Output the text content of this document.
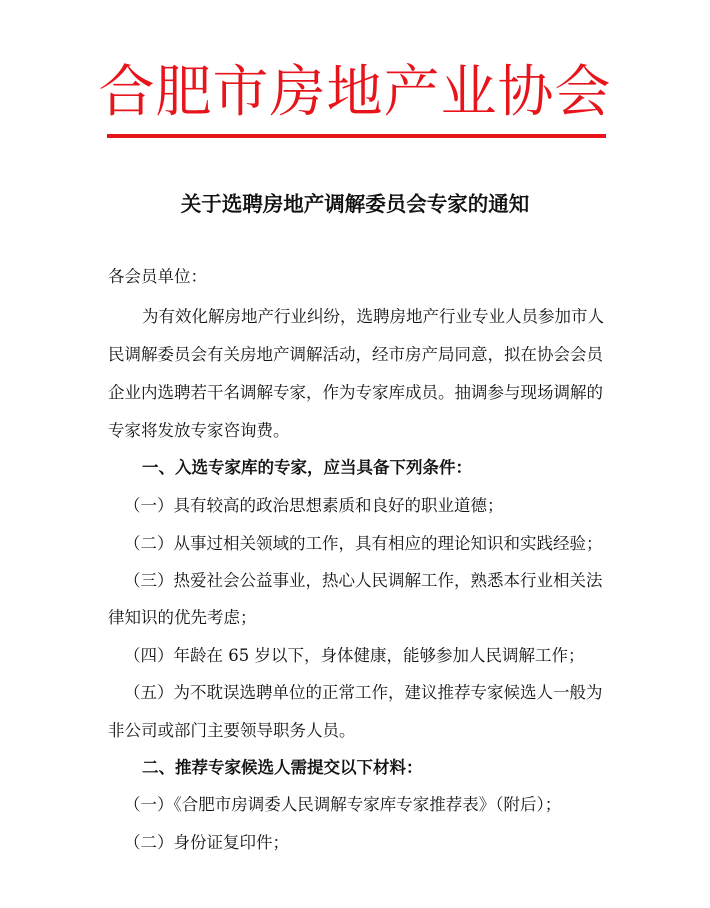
合肥市房地产业协会
关于选聘房地产调解委员会专家的通知
各会员单位：
为有效化解房地产行业纠纷，选聘房地产行业专业人员参加市人
民调解委员会有关房地产调解活动，经市房产局同意，拟在协会会员
企业内选聘若干名调解专家，作为专家库成员。抽调参与现场调解的
专家将发放专家咨询费。
一、入选专家库的专家，应当具备下列条件：
（一）具有较高的政治思想素质和良好的职业道德；
（二）从事过相关领域的工作，具有相应的理论知识和实践经验；
（三）热爱社会公益事业，热心人民调解工作，熟悉本行业相关法
律知识的优先考虑；
（四）年龄在 65 岁以下，身体健康，能够参加人民调解工作；
（五）为不耽误选聘单位的正常工作，建议推荐专家候选人一般为
非公司或部门主要领导职务人员。
二、推荐专家候选人需提交以下材料：
（一）《合肥市房调委人民调解专家库专家推荐表》（附后）；
（二）身份证复印件；
